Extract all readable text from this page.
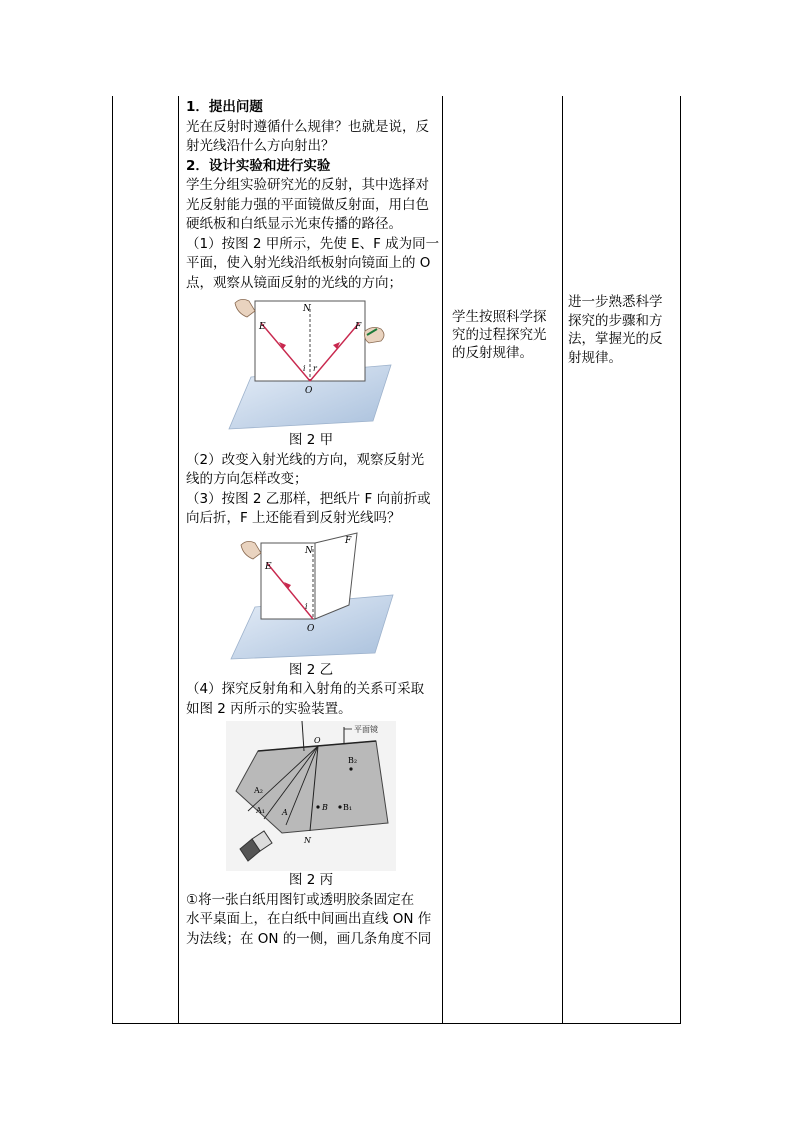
1．提出问题

光在反射时遵循什么规律？也就是说，反

射光线沿什么方向射出？

2．设计实验和进行实验

学生分组实验研究光的反射，其中选择对

光反射能力强的平面镜做反射面，用白色

硬纸板和白纸显示光束传播的路径。

（1）按图 2 甲所示，先使 E、F 成为同一

平面，使入射光线沿纸板射向镜面上的 O

点，观察从镜面反射的光线的方向；

E	F
N
O
i r

图 2 甲

（2）改变入射光线的方向，观察反射光

线的方向怎样改变；

（3）按图 2 乙那样，把纸片 F 向前折或

向后折，F 上还能看到反射光线吗？

E
F
N
O
i

图 2 乙

（4）探究反射角和入射角的关系可采取

如图 2 丙所示的实验装置。

平面镜
O
N
A₂
A₁ A
B B₁
B₂

图 2 丙

①将一张白纸用图钉或透明胶条固定在

水平桌面上，在白纸中间画出直线 ON 作

为法线；在 ON 的一侧，画几条角度不同

学生按照科学探

究的过程探究光

的反射规律。

进一步熟悉科学

探究的步骤和方

法，掌握光的反

射规律。
